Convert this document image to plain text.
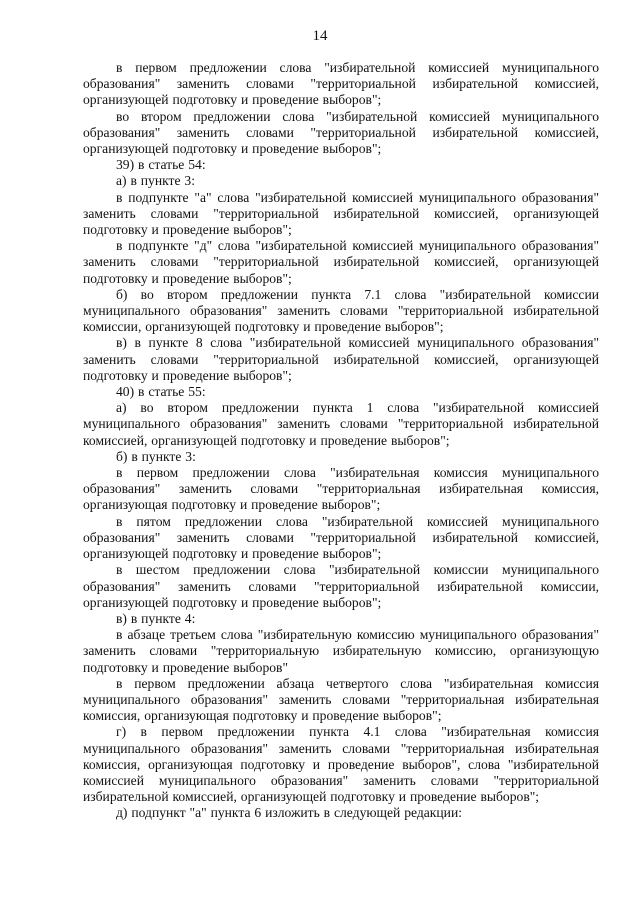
14

в первом предложении слова "избирательной комиссией муниципального образования" заменить словами "территориальной избирательной комиссией, организующей подготовку и проведение выборов";

во втором предложении слова "избирательной комиссией муниципального образования" заменить словами "территориальной избирательной комиссией, организующей подготовку и проведение выборов";

39) в статье 54:

а) в пункте 3:

в подпункте "а" слова "избирательной комиссией муниципального образования" заменить словами "территориальной избирательной комиссией, организующей подготовку и проведение выборов";

в подпункте "д" слова "избирательной комиссией муниципального образования" заменить словами "территориальной избирательной комиссией, организующей подготовку и проведение выборов";

б) во втором предложении пункта 7.1 слова "избирательной комиссии муниципального образования" заменить словами "территориальной избирательной комиссии, организующей подготовку и проведение выборов";

в) в пункте 8 слова "избирательной комиссией муниципального образования" заменить словами "территориальной избирательной комиссией, организующей подготовку и проведение выборов";

40) в статье 55:

а) во втором предложении пункта 1 слова "избирательной комиссией муниципального образования" заменить словами "территориальной избирательной комиссией, организующей подготовку и проведение выборов";

б) в пункте 3:

в первом предложении слова "избирательная комиссия муниципального образования" заменить словами "территориальная избирательная комиссия, организующая подготовку и проведение выборов";

в пятом предложении слова "избирательной комиссией муниципального образования" заменить словами "территориальной избирательной комиссией, организующей подготовку и проведение выборов";

в шестом предложении слова "избирательной комиссии муниципального образования" заменить словами "территориальной избирательной комиссии, организующей подготовку и проведение выборов";

в) в пункте 4:

в абзаце третьем слова "избирательную комиссию муниципального образования" заменить словами "территориальную избирательную комиссию, организующую подготовку и проведение выборов"

в первом предложении абзаца четвертого слова "избирательная комиссия муниципального образования" заменить словами "территориальная избирательная комиссия, организующая подготовку и проведение выборов";

г) в первом предложении пункта 4.1 слова "избирательная комиссия муниципального образования" заменить словами "территориальная избирательная комиссия, организующая подготовку и проведение выборов", слова "избирательной комиссией муниципального образования" заменить словами "территориальной избирательной комиссией, организующей подготовку и проведение выборов";

д) подпункт "а" пункта 6 изложить в следующей редакции:
